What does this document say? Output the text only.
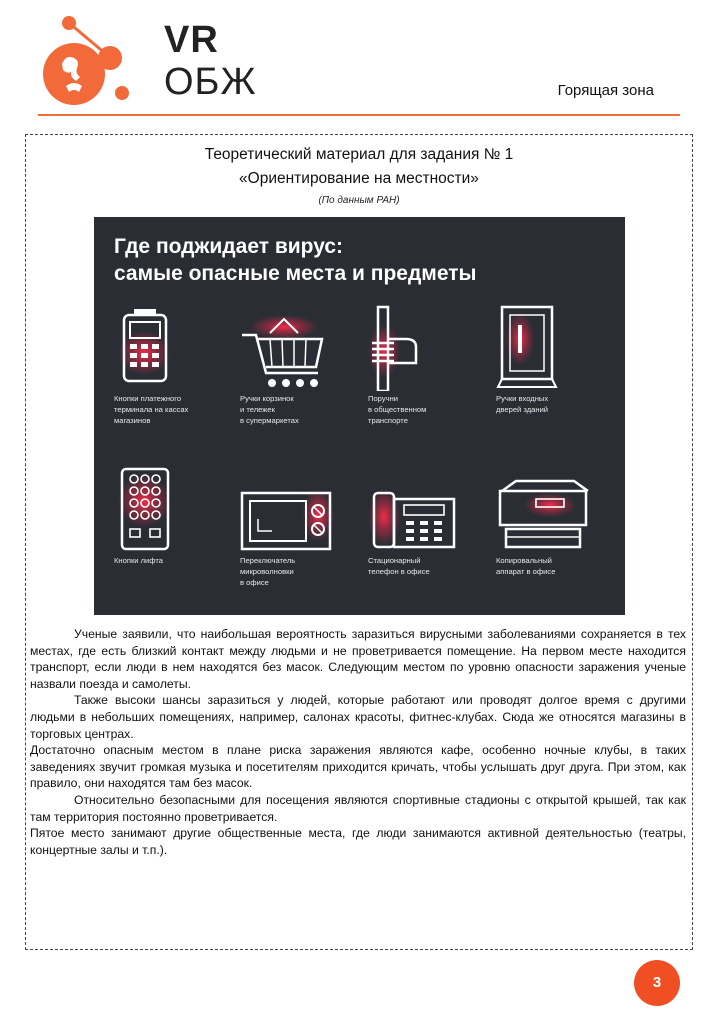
VR
ОБЖ	Горящая зона
Теоретический материал для задания № 1
«Ориентирование на местности»
(По данным РАН)
Где поджидает вирус:
самые опасные места и предметы
Кнопки платежного
терминала на кассах
магазинов
Ручки корзинок
и тележек
в супермаркетах
Поручни
в общественном
транспорте
Ручки входных
дверей зданий
Кнопки лифта	Переключатель
микроволновки
в офисе
Стационарный
телефон в офисе
Копировальный
аппарат в офисе

Ученые заявили, что наибольшая вероятность заразиться вирусными заболеваниями сохраняется в тех местах, где есть близкий контакт между людьми и не проветривается помещение. На первом месте находится транспорт, если люди в нем находятся без масок. Следующим местом по уровню опасности заражения ученые назвали поезда и самолеты.

Также высоки шансы заразиться у людей, которые работают или проводят долгое время с другими людьми в небольших помещениях, например, салонах красоты, фитнес-клубах. Сюда же относятся магазины в торговых центрах.

Достаточно опасным местом в плане риска заражения являются кафе, особенно ночные клубы, в таких заведениях звучит громкая музыка и посетителям приходится кричать, чтобы услышать друг друга. При этом, как правило, они находятся там без масок.

Относительно безопасными для посещения являются спортивные стадионы с открытой крышей, так как там территория постоянно проветривается.

Пятое место занимают другие общественные места, где люди занимаются активной деятельностью (театры, концертные залы и т.п.).

3
